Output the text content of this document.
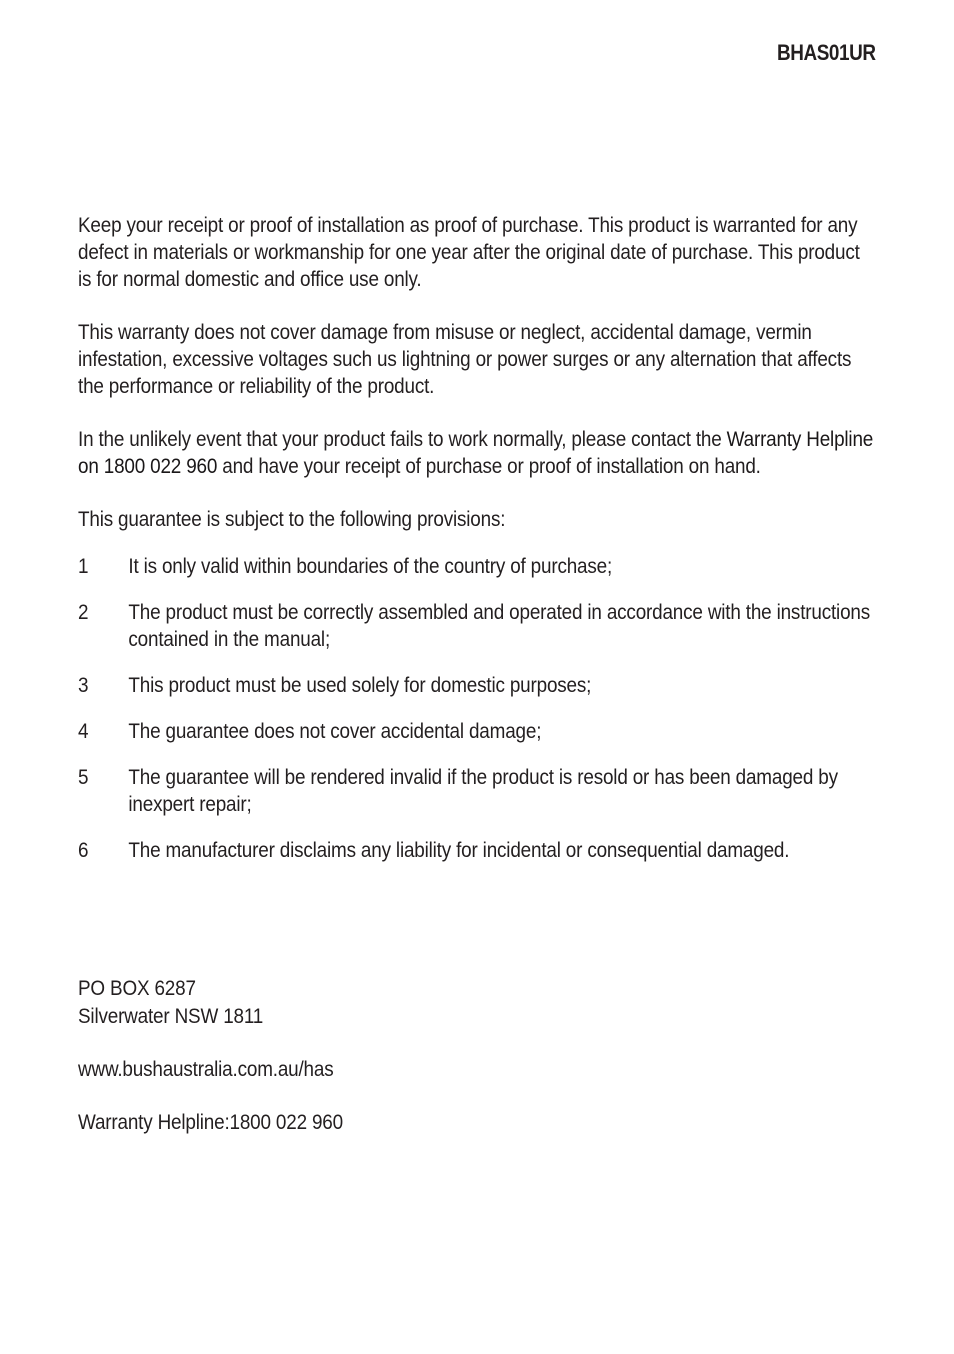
BHAS01UR

Keep your receipt or proof of installation as proof of purchase. This product is warranted for any defect in materials or workmanship for one year after the original date of purchase. This product is for normal domestic and office use only.

This warranty does not cover damage from misuse or neglect, accidental damage, vermin infestation, excessive voltages such us lightning or power surges or any alternation that affects the performance or reliability of the product.

In the unlikely event that your product fails to work normally, please contact the Warranty Helpline on 1800 022 960 and have your receipt of purchase or proof of installation on hand.

This guarantee is subject to the following provisions:
1	It is only valid within boundaries of the country of purchase;
2	The product must be correctly assembled and operated in accordance with the instructions contained in the manual;
3	This product must be used solely for domestic purposes;
4	The guarantee does not cover accidental damage;
5	The guarantee will be rendered invalid if the product is resold or has been damaged by inexpert repair;
6	The manufacturer disclaims any liability for incidental or consequential damaged.
PO BOX 6287
Silverwater NSW 1811
www.bushaustralia.com.au/has
Warranty Helpline:1800 022 960
